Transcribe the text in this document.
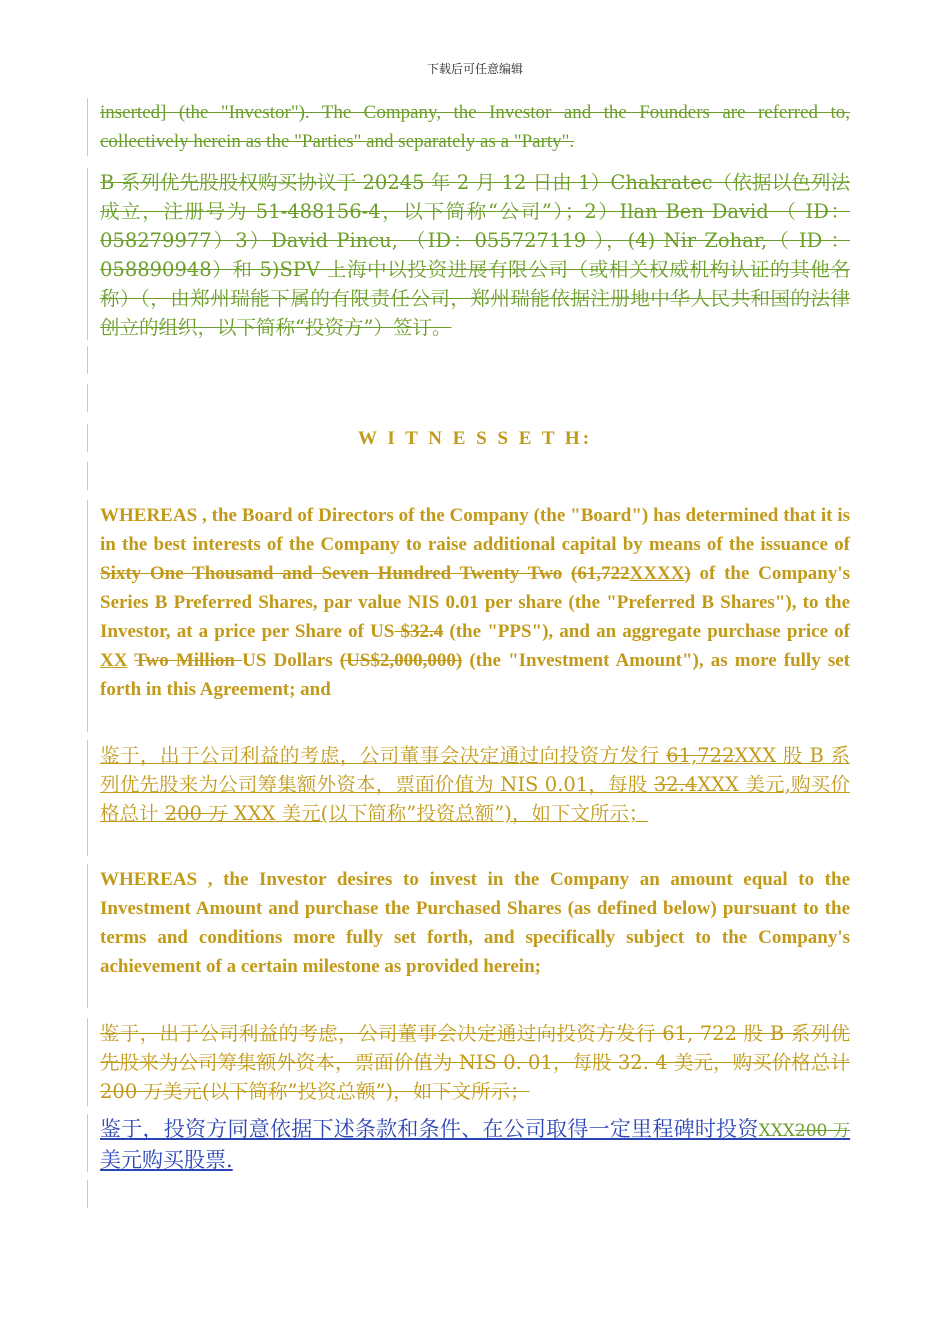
下载后可任意编辑
inserted] (the "Investor"). The Company, the Investor and the Founders are referred to, collectively herein as the "Parties" and separately as a "Party".
B 系列优先股股权购买协议于 20245 年 2 月 12 日由 1）Chakratec（依据以色列法成立，注册号为 51-488156-4，以下简称“公司”）；2）Ilan Ben David （ ID： 058279977）3）David Pincu, （ID：055727119 ），(4) Nir Zohar,（ ID ： 058890948）和 5)SPV 上海中以投资进展有限公司（或相关权威机构认证的其他名称）（，由郑州瑞能下属的有限责任公司，郑州瑞能依据注册地中华人民共和国的法律创立的组织，以下简称“投资方”）签订。
W I T N E S S E T H:
WHEREAS , the Board of Directors of the Company (the "Board") has determined that it is in the best interests of the Company to raise additional capital by means of the issuance of Sixty One Thousand and Seven Hundred Twenty Two (61,722XXXX) of the Company's Series B Preferred Shares, par value NIS 0.01 per share (the "Preferred B Shares"), to the Investor, at a price per Share of US $32.4 (the "PPS"), and an aggregate purchase price of XX Two Million US Dollars (US$2,000,000) (the "Investment Amount"), as more fully set forth in this Agreement; and
鉴于，出于公司利益的考虑，公司董事会决定通过向投资方发行 61,722XXX 股 B 系列优先股来为公司筹集额外资本，票面价值为 NIS 0.01，每股 32.4XXX 美元,购买价格总计 200 万 XXX 美元(以下简称”投资总额”)，如下文所示；
WHEREAS , the Investor desires to invest in the Company an amount equal to the Investment Amount and purchase the Purchased Shares (as defined below) pursuant to the terms and conditions more fully set forth, and specifically subject to the Company's achievement of a certain milestone as provided herein;
鉴于，出于公司利益的考虑，公司董事会决定通过向投资方发行 61, 722 股 B 系列优先股来为公司筹集额外资本，票面价值为 NIS 0. 01，每股 32. 4 美元，购买价格总计 200 万美元(以下简称”投资总额”)，如下文所示；
鉴于，投资方同意依据下述条款和条件、在公司取得一定里程碑时投资XXX200 万美元购买股票.
